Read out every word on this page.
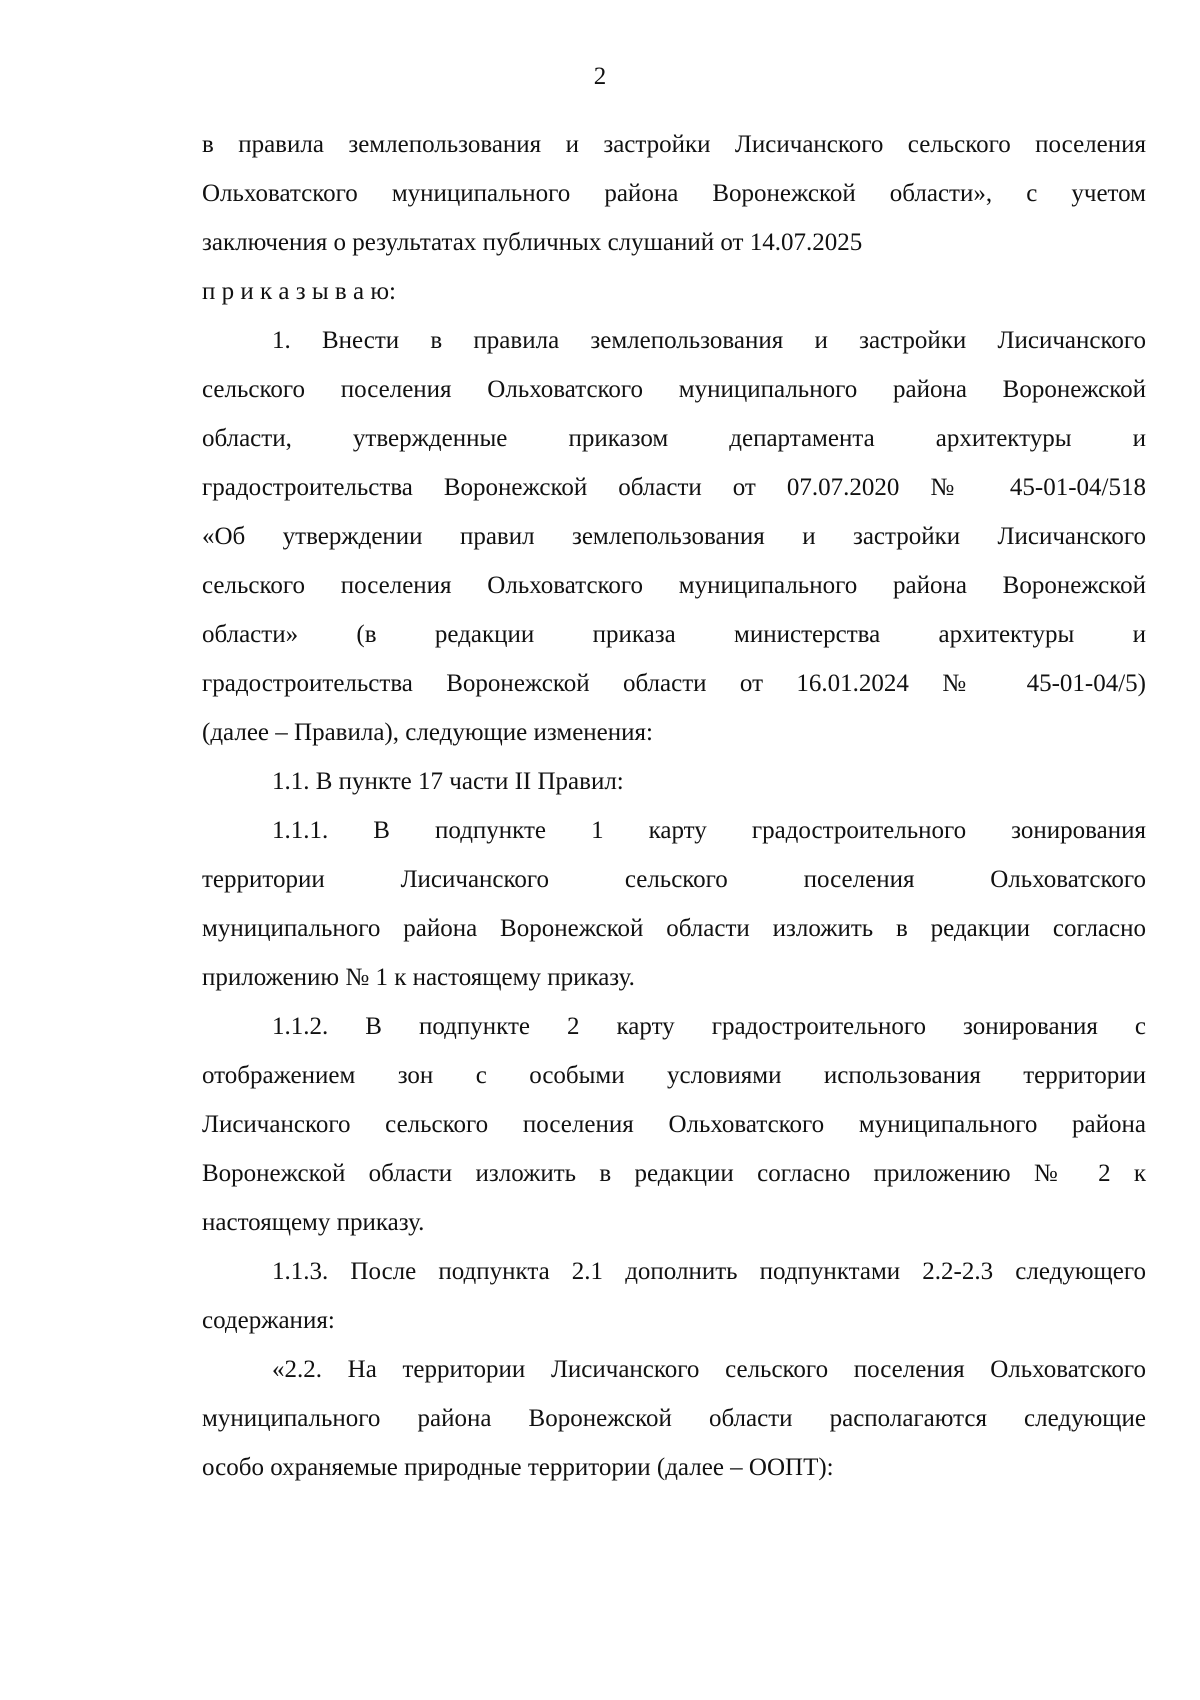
2
в правила землепользования и застройки Лисичанского сельского поселения
Ольховатского муниципального района Воронежской области», с учетом
заключения о результатах публичных слушаний от 14.07.2025
п р и к а з ы в а ю:
1. Внести в правила землепользования и застройки Лисичанского
сельского поселения Ольховатского муниципального района Воронежской
области, утвержденные приказом департамента архитектуры и
градостроительства Воронежской области от 07.07.2020 № 45-01-04/518
«Об утверждении правил землепользования и застройки Лисичанского
сельского поселения Ольховатского муниципального района Воронежской
области» (в редакции приказа министерства архитектуры и
градостроительства Воронежской области от 16.01.2024 № 45-01-04/5)
(далее – Правила), следующие изменения:
1.1. В пункте 17 части II Правил:
1.1.1. В подпункте 1 карту градостроительного зонирования
территории Лисичанского сельского поселения Ольховатского
муниципального района Воронежской области изложить в редакции согласно
приложению № 1 к настоящему приказу.
1.1.2. В подпункте 2 карту градостроительного зонирования с
отображением зон с особыми условиями использования территории
Лисичанского сельского поселения Ольховатского муниципального района
Воронежской области изложить в редакции согласно приложению № 2 к
настоящему приказу.
1.1.3. После подпункта 2.1 дополнить подпунктами 2.2-2.3 следующего
содержания:
«2.2. На территории Лисичанского сельского поселения Ольховатского
муниципального района Воронежской области располагаются следующие
особо охраняемые природные территории (далее – ООПТ):
